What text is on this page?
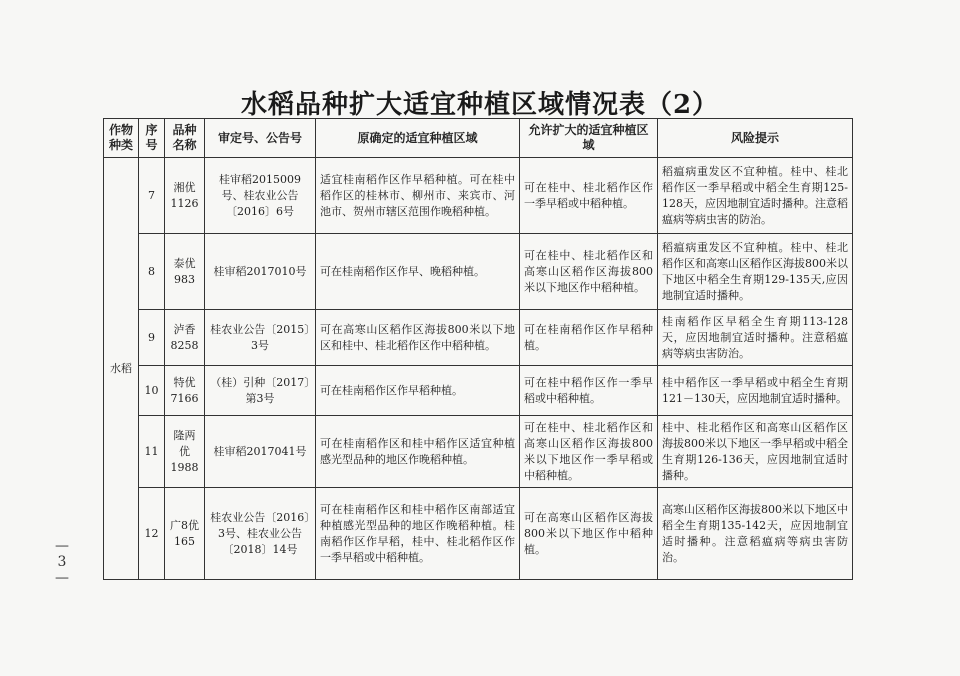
水稻品种扩大适宜种植区域情况表（2）
作物种类	序号	品种名称	审定号、公告号	原确定的适宜种植区域	允许扩大的适宜种植区域	风险提示

水稻	7	湘优1126	桂审稻2015009号、桂农业公告〔2016〕6号	适宜桂南稻作区作早稻种植。可在桂中稻作区的桂林市、柳州市、来宾市、河池市、贺州市辖区范围作晚稻种植。	可在桂中、桂北稻作区作一季早稻或中稻种植。	稻瘟病重发区不宜种植。桂中、桂北稻作区一季早稻或中稻全生育期125-128天，应因地制宜适时播种。注意稻瘟病等病虫害的防治。
	8	泰优983	桂审稻2017010号	可在桂南稻作区作早、晚稻种植。	可在桂中、桂北稻作区和高寒山区稻作区海拔800米以下地区作中稻种植。	稻瘟病重发区不宜种植。桂中、桂北稻作区和高寒山区稻作区海拔800米以下地区中稻全生育期129-135天,应因地制宜适时播种。
	9	泸香8258	桂农业公告〔2015〕3号	可在高寒山区稻作区海拔800米以下地区和桂中、桂北稻作区作中稻种植。	可在桂南稻作区作早稻种植。	桂南稻作区早稻全生育期113-128天，应因地制宜适时播种。注意稻瘟病等病虫害防治。
	10	特优7166	（桂）引种〔2017〕第3号	可在桂南稻作区作早稻种植。	可在桂中稻作区作一季早稻或中稻种植。	桂中稻作区一季早稻或中稻全生育期121－130天，应因地制宜适时播种。
	11	隆两优1988	桂审稻2017041号	可在桂南稻作区和桂中稻作区适宜种植感光型品种的地区作晚稻种植。	可在桂中、桂北稻作区和高寒山区稻作区海拔800米以下地区作一季早稻或中稻种植。	桂中、桂北稻作区和高寒山区稻作区海拔800米以下地区一季早稻或中稻全生育期126-136天，应因地制宜适时播种。
	12	广8优165	桂农业公告〔2016〕3号、桂农业公告〔2018〕14号	可在桂南稻作区和桂中稻作区南部适宜种植感光型品种的地区作晚稻种植。桂南稻作区作早稻，桂中、桂北稻作区作一季早稻或中稻种植。	可在高寒山区稻作区海拔800米以下地区作中稻种植。	高寒山区稻作区海拔800米以下地区中稻全生育期135-142天，应因地制宜适时播种。注意稻瘟病等病虫害防治。
—
3
—
